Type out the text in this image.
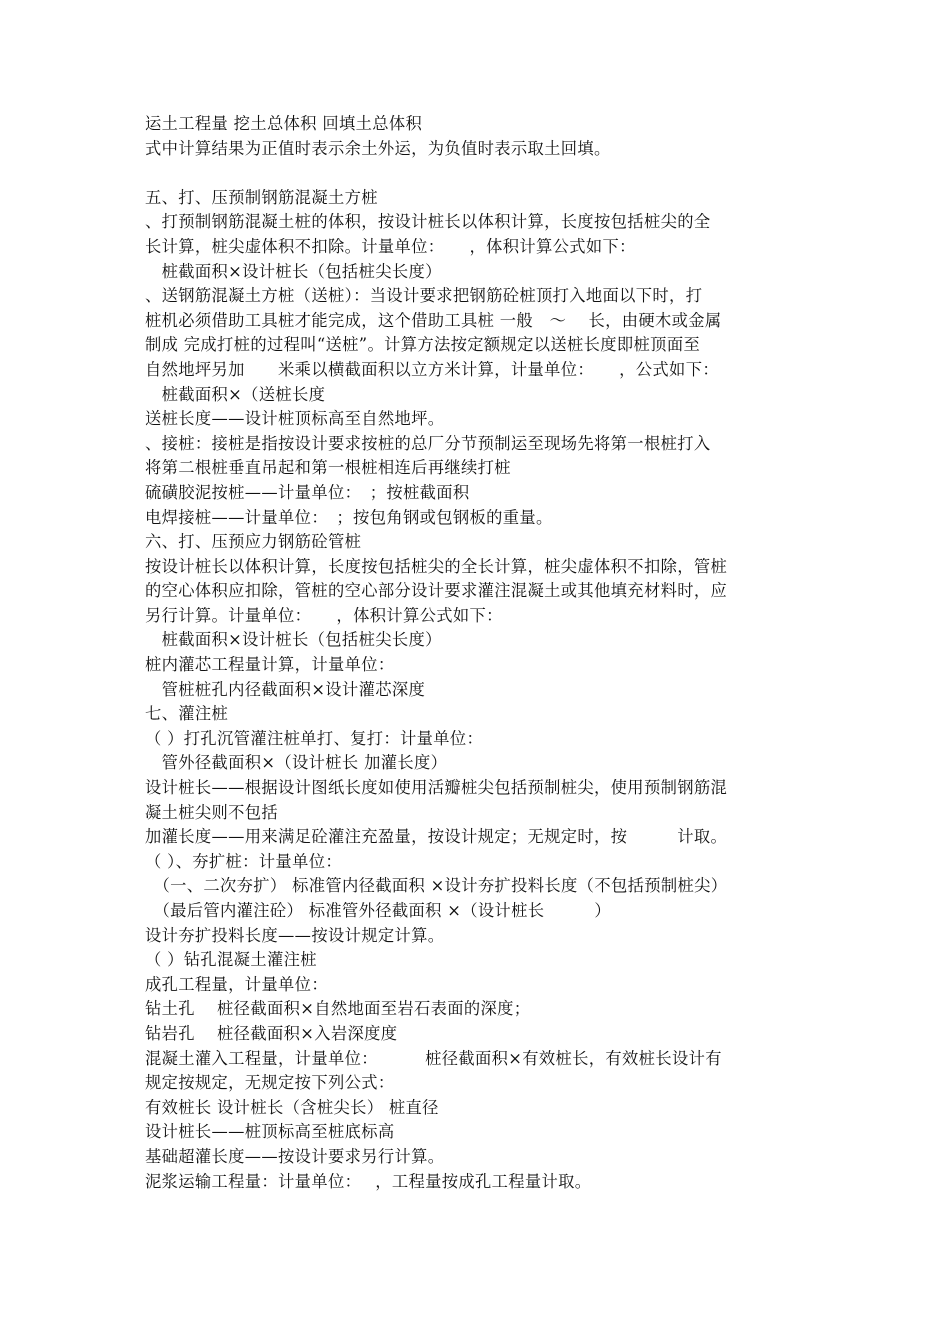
运土工程量 挖土总体积 回填土总体积
式中计算结果为正值时表示余土外运，为负值时表示取土回填。
五、打、压预制钢筋混凝土方桩
、打预制钢筋混凝土桩的体积，按设计桩长以体积计算，长度按包括桩尖的全
长计算，桩尖虚体积不扣除。计量单位：　　，体积计算公式如下：
　桩截面积×设计桩长（包括桩尖长度）
、送钢筋混凝土方桩（送桩）：当设计要求把钢筋砼桩顶打入地面以下时，打
桩机必须借助工具桩才能完成，这个借助工具桩 一般　～　 长，由硬木或金属
制成 完成打桩的过程叫“送桩”。计算方法按定额规定以送桩长度即桩顶面至
自然地坪另加　　米乘以横截面积以立方米计算，计量单位：　　，公式如下：
　桩截面积×（送桩长度
送桩长度——设计桩顶标高至自然地坪。
、接桩：接桩是指按设计要求按桩的总厂分节预制运至现场先将第一根桩打入
将第二根桩垂直吊起和第一根桩相连后再继续打桩
硫磺胶泥按桩——计量单位：　；按桩截面积
电焊接桩——计量单位：　；按包角钢或包钢板的重量。
六、打、压预应力钢筋砼管桩
按设计桩长以体积计算，长度按包括桩尖的全长计算，桩尖虚体积不扣除，管桩
的空心体积应扣除，管桩的空心部分设计要求灌注混凝土或其他填充材料时，应
另行计算。计量单位：　　，体积计算公式如下：
　桩截面积×设计桩长（包括桩尖长度）
桩内灌芯工程量计算，计量单位：
　管桩桩孔内径截面积×设计灌芯深度
七、灌注桩
（ ）打孔沉管灌注桩单打、复打：计量单位：
　管外径截面积×（设计桩长 加灌长度）
设计桩长——根据设计图纸长度如使用活瓣桩尖包括预制桩尖，使用预制钢筋混
凝土桩尖则不包括
加灌长度——用来满足砼灌注充盈量，按设计规定；无规定时，按　　　计取。
（ ）、夯扩桩：计量单位：
　（一、二次夯扩） 标准管内径截面积 ×设计夯扩投料长度（不包括预制桩尖）
　（最后管内灌注砼） 标准管外径截面积 ×（设计桩长　　　）
设计夯扩投料长度——按设计规定计算。
（ ）钻孔混凝土灌注桩
成孔工程量，计量单位：
钻土孔　 桩径截面积×自然地面至岩石表面的深度；
钻岩孔　 桩径截面积×入岩深度度
混凝土灌入工程量，计量单位：　　　 桩径截面积×有效桩长，有效桩长设计有
规定按规定，无规定按下列公式：
有效桩长 设计桩长（含桩尖长） 桩直径
设计桩长——桩顶标高至桩底标高
基础超灌长度——按设计要求另行计算。
泥浆运输工程量：计量单位：　 ，工程量按成孔工程量计取。
